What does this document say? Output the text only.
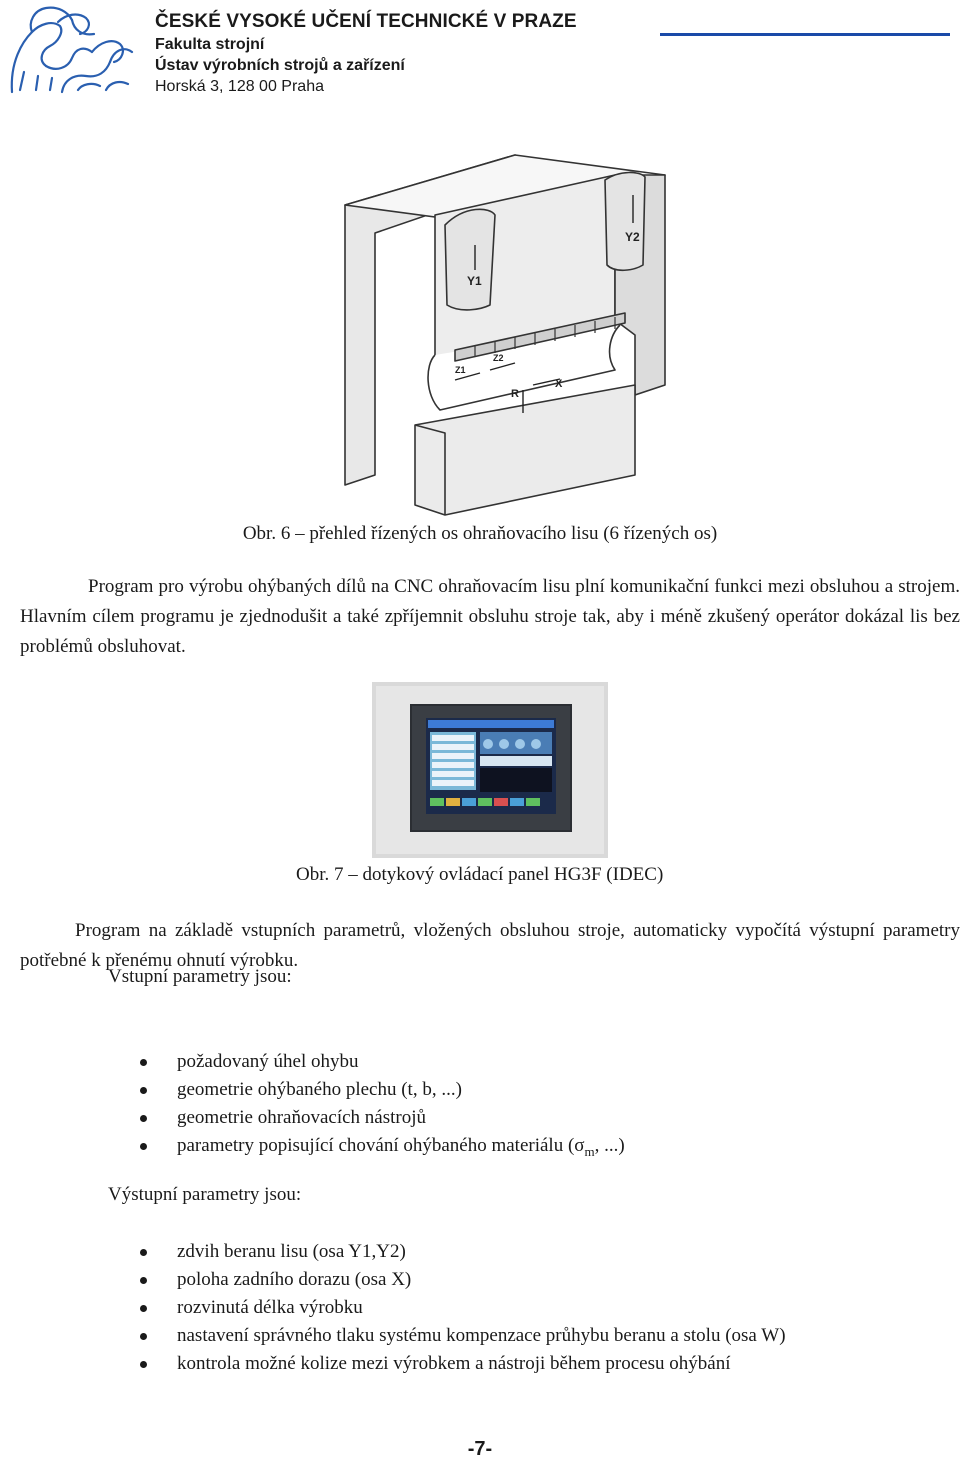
ČESKÉ VYSOKÉ UČENÍ TECHNICKÉ V PRAZE
Fakulta strojní
Ústav výrobních strojů a zařízení
Horská 3, 128 00 Praha
Y1
Y2
Z1
Z2
R
X
Obr. 6 – přehled řízených os ohraňovacího lisu (6 řízených os)
Program pro výrobu ohýbaných dílů na CNC ohraňovacím lisu plní komunikační funkci mezi obsluhou a strojem. Hlavním cílem programu je zjednodušit a také zpříjemnit obsluhu stroje tak, aby i méně zkušený operátor dokázal lis bez problémů obsluhovat.
Obr. 7 – dotykový ovládací panel HG3F (IDEC)
Program na základě vstupních parametrů, vložených obsluhou stroje, automaticky vypočítá výstupní parametry potřebné k přenému ohnutí výrobku.
Vstupní parametry jsou:
požadovaný úhel ohybu
geometrie ohýbaného plechu (t, b, ...)
geometrie ohraňovacích nástrojů
parametry popisující chování ohýbaného materiálu ($\sigma_m$, ...)
Výstupní parametry jsou:
zdvih beranu lisu (osa Y1,Y2)
poloha zadního dorazu (osa X)
rozvinutá délka výrobku
nastavení správného tlaku systému kompenzace průhybu beranu a stolu (osa W)
kontrola možné kolize mezi výrobkem a nástroji během procesu ohýbání
-7-
